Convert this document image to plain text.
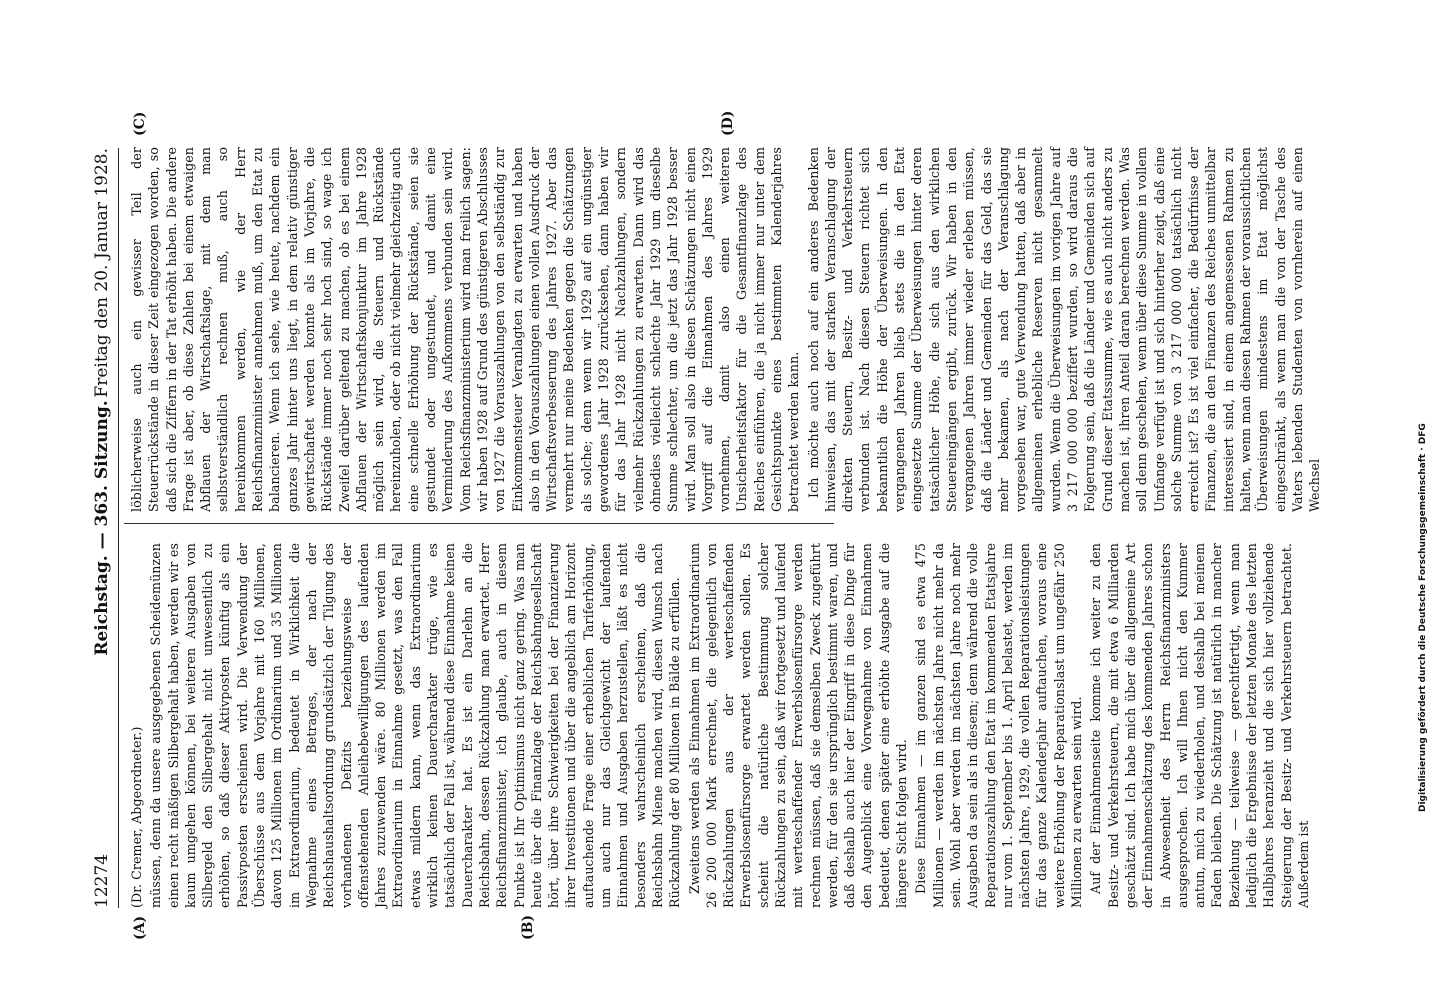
12274
Reichstag. — 363. Sitzung.
Freitag den 20. Januar 1928.
(A)	(B)
(C)	(D)

(Dr. Cremer, Abgeordneter.) müssen, denn da unsere ausgegebenen Scheidemünzen einen recht mäßigen Silbergehalt haben, werden wir es kaum umgehen können, bei weiteren Ausgaben von Silbergeld den Silbergehalt nicht unwesentlich zu erhöhen, so daß dieser Aktivposten künftig als ein Passivposten erscheinen wird. Die Verwendung der Überschüsse aus dem Vorjahre mit 160 Millionen, davon 125 Millionen im Ordinarium und 35 Millionen im Extraordinarium, bedeutet in Wirklichkeit die Wegnahme eines Betrages, der nach der Reichshaushaltsordnung grundsätzlich der Tilgung des vorhandenen Defizits beziehungsweise der offenstehenden Anleihebewilligungen des laufenden Jahres zuzuwenden wäre. 80 Millionen werden im Extraordinarium in Einnahme gesetzt, was den Fall etwas mildern kann, wenn das Extraordinarium wirklich keinen Dauercharakter trüge, wie es tatsächlich der Fall ist, während diese Einnahme keinen Dauercharakter hat. Es ist ein Darlehn an die Reichsbahn, dessen Rückzahlung man erwartet. Herr Reichsfinanzminister, ich glaube, auch in diesem Punkte ist Ihr Optimismus nicht ganz gering. Was man heute über die Finanzlage der Reichsbahngesellschaft hört, über ihre Schwierigkeiten bei der Finanzierung ihrer Investitionen und über die angeblich am Horizont auftauchende Frage einer erheblichen Tariferhöhung, um auch nur das Gleichgewicht der laufenden Einnahmen und Ausgaben herzustellen, läßt es nicht besonders wahrscheinlich erscheinen, daß die Reichsbahn Miene machen wird, diesen Wunsch nach Rückzahlung der 80 Millionen in Bälde zu erfüllen. Zweitens werden als Einnahmen im Extraordinarium 26 200 000 Mark errechnet, die gelegentlich von Rückzahlungen aus der werteschaffenden Erwerbslosenfürsorge erwartet werden sollen. Es scheint die natürliche Bestimmung solcher Rückzahlungen zu sein, daß wir fortgesetzt und laufend mit werteschaffender Erwerbslosenfürsorge werden rechnen müssen, daß sie demselben Zweck zugeführt werden, für den sie ursprünglich bestimmt waren, und daß deshalb auch hier der Eingriff in diese Dinge für den Augenblick eine Vorwegnahme von Einnahmen bedeutet, denen später eine erhöhte Ausgabe auf die längere Sicht folgen wird. Diese Einnahmen — im ganzen sind es etwa 475 Millionen — werden im nächsten Jahre nicht mehr da sein. Wohl aber werden im nächsten Jahre noch mehr Ausgaben da sein als in diesem; denn während die volle Reparationszahlung den Etat im kommenden Etatsjahre nur vom 1. September bis 1. April belastet, werden im nächsten Jahre, 1929, die vollen Reparationsleistungen für das ganze Kalenderjahr auftauchen, woraus eine weitere Erhöhung der Reparationslast um ungefähr 250 Millionen zu erwarten sein wird. Auf der Einnahmenseite komme ich weiter zu den Besitz- und Verkehrsteuern, die mit etwa 6 Milliarden geschätzt sind. Ich habe mich über die allgemeine Art der Einnahmenschätzung des kommenden Jahres schon in Abwesenheit des Herrn Reichsfinanzministers ausgesprochen. Ich will Ihnen nicht den Kummer antun, mich zu wiederholen, und deshalb bei meinem Faden bleiben. Die Schätzung ist natürlich in mancher Beziehung — teilweise — gerechtfertigt, wenn man lediglich die Ergebnisse der letzten Monate des letzten Halbjahres heranzieht und die sich hier vollziehende Steigerung der Besitz- und Verkehrsteuern betrachtet. Außerdem ist

löblicherweise auch ein gewisser Teil der Steuerrückstände in dieser Zeit eingezogen worden, so daß sich die Ziffern in der Tat erhöht haben. Die andere Frage ist aber, ob diese Zahlen bei einem etwaigen Abflauen der Wirtschaftslage, mit dem man selbstverständlich rechnen muß, auch so hereinkommen werden, wie der Herr Reichsfinanzminister annehmen muß, um den Etat zu balancieren. Wenn ich sehe, wie heute, nachdem ein ganzes Jahr hinter uns liegt, in dem relativ günstiger gewirtschaftet werden konnte als im Vorjahre, die Rückstände immer noch sehr hoch sind, so wage ich Zweifel darüber geltend zu machen, ob es bei einem Abflauen der Wirtschaftskonjunktur im Jahre 1928 möglich sein wird, die Steuern und Rückstände hereinzuholen, oder ob nicht vielmehr gleichzeitig auch eine schnelle Erhöhung der Rückstände, seien sie gestundet oder ungestundet, und damit eine Verminderung des Aufkommens verbunden sein wird. Vom Reichsfinanzministerium wird man freilich sagen: wir haben 1928 auf Grund des günstigeren Abschlusses von 1927 die Vorauszahlungen von den selbständig zur Einkommensteuer Veranlagten zu erwarten und haben also in den Vorauszahlungen einen vollen Ausdruck der Wirtschaftsverbesserung des Jahres 1927. Aber das vermehrt nur meine Bedenken gegen die Schätzungen als solche; denn wenn wir 1929 auf ein ungünstiger gewordenes Jahr 1928 zurücksehen, dann haben wir für das Jahr 1928 nicht Nachzahlungen, sondern vielmehr Rückzahlungen zu erwarten. Dann wird das ohnedies vielleicht schlechte Jahr 1929 um dieselbe Summe schlechter, um die jetzt das Jahr 1928 besser wird. Man soll also in diesen Schätzungen nicht einen Vorgriff auf die Einnahmen des Jahres 1929 vornehmen, damit also einen weiteren Unsicherheitsfaktor für die Gesamtfinanzlage des Reiches einführen, die ja nicht immer nur unter dem Gesichtspunkte eines bestimmten Kalenderjahres betrachtet werden kann. Ich möchte auch noch auf ein anderes Bedenken hinweisen, das mit der starken Veranschlagung der direkten Steuern, Besitz- und Verkehrsteuern verbunden ist. Nach diesen Steuern richtet sich bekanntlich die Höhe der Überweisungen. In den vergangenen Jahren blieb stets die in den Etat eingesetzte Summe der Überweisungen hinter deren tatsächlicher Höhe, die sich aus den wirklichen Steuereingängen ergibt, zurück. Wir haben in den vergangenen Jahren immer wieder erleben müssen, daß die Länder und Gemeinden für das Geld, das sie mehr bekamen, als nach der Veranschlagung vorgesehen war, gute Verwendung hatten, daß aber in allgemeinen erhebliche Reserven nicht gesammelt wurden. Wenn die Überweisungen im vorigen Jahre auf 3 217 000 000 beziffert wurden, so wird daraus die Folgerung sein, daß die Länder und Gemeinden sich auf Grund dieser Etatssumme, wie es auch nicht anders zu machen ist, ihren Anteil daran berechnen werden. Was soll denn geschehen, wenn über diese Summe in vollem Umfange verfügt ist und sich hinterher zeigt, daß eine solche Summe von 3 217 000 000 tatsächlich nicht erreicht ist? Es ist viel einfacher, die Bedürfnisse der Finanzen, die an den Finanzen des Reiches unmittelbar interessiert sind, in einem angemessenen Rahmen zu halten, wenn man diesen Rahmen der voraussichtlichen Überweisungen mindestens im Etat möglichst eingeschränkt, als wenn man die von der Tasche des Vaters lebenden Studenten von vornherein auf einen Wechsel	Digitalisierung gefördert durch die Deutsche Forschungsgemeinschaft · DFG
